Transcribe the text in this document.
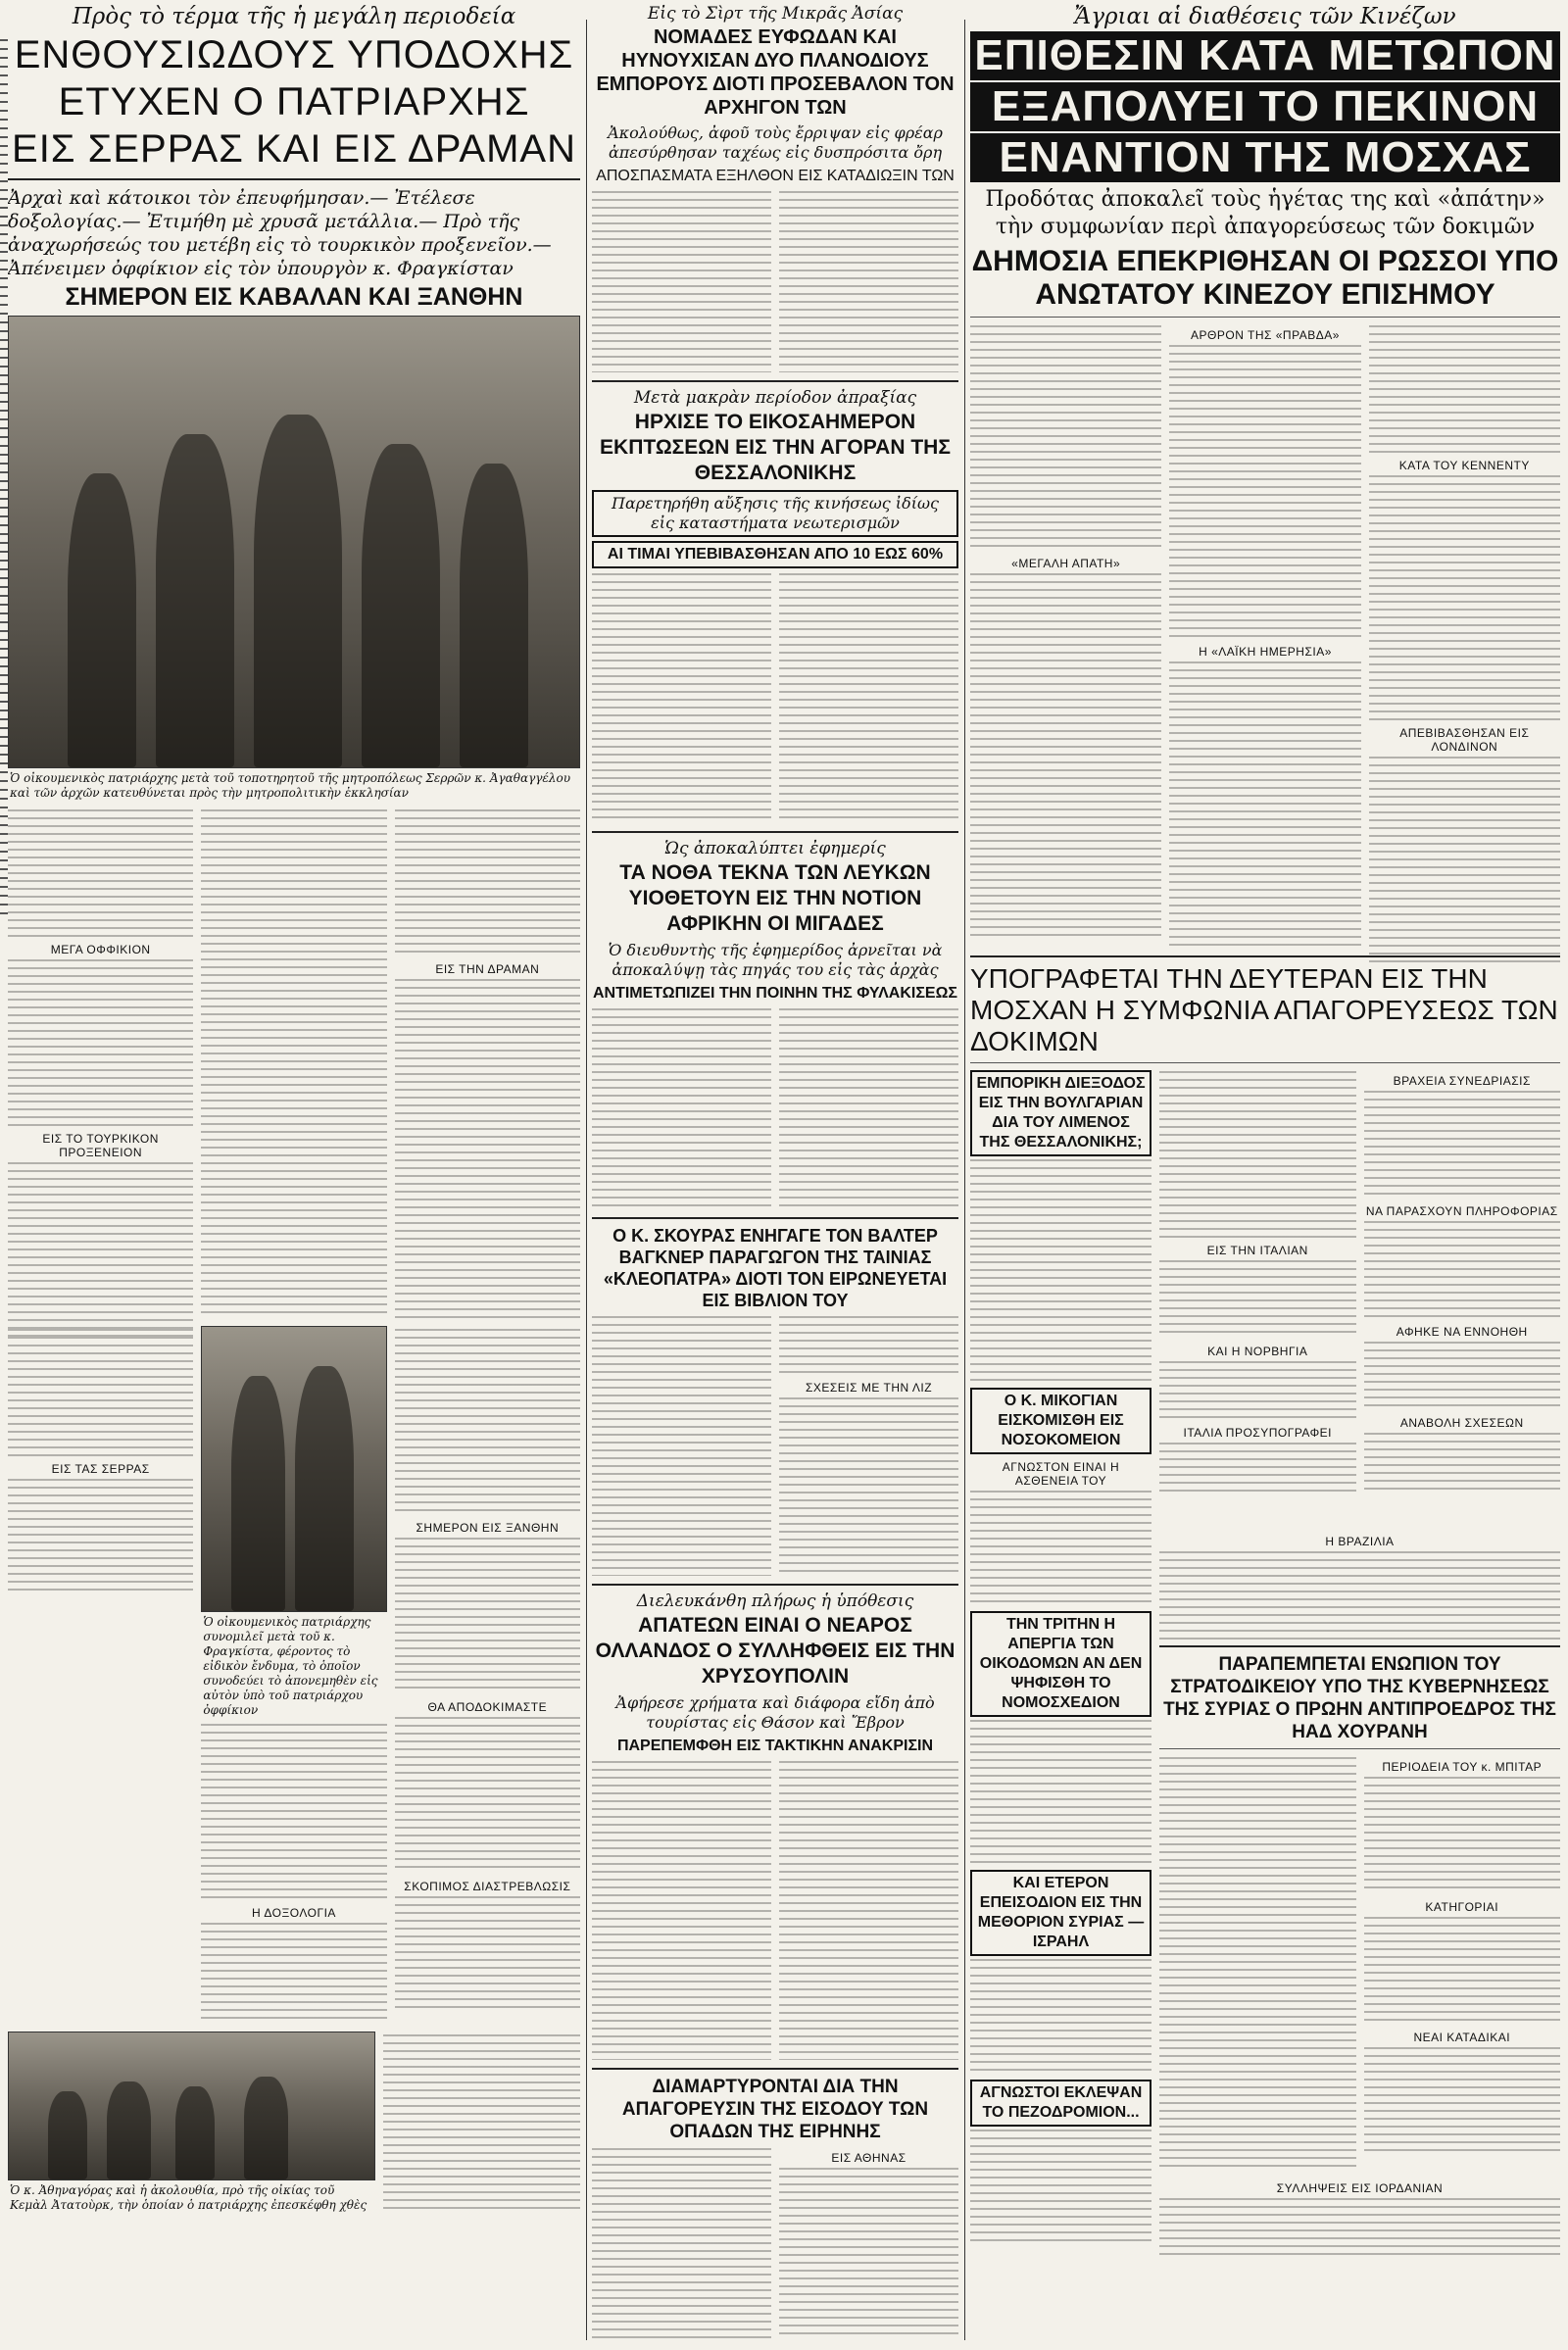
Πρὸς τὸ τέρμα τῆς ἡ μεγάλη περιοδεία
ΕΝΘΟΥΣΙΩΔΟΥΣ ΥΠΟΔΟΧΗΣ
ΕΤΥΧΕΝ Ο ΠΑΤΡΙΑΡΧΗΣ
ΕΙΣ ΣΕΡΡΑΣ ΚΑΙ ΕΙΣ ΔΡΑΜΑΝ
Ἀρχαὶ καὶ κάτοικοι τὸν ἐπευφήμησαν.— Ἐτέλεσε δοξολογίας.— Ἐτιμήθη μὲ χρυσᾶ μετάλλια.— Πρὸ τῆς ἀναχωρήσεώς του μετέβη εἰς τὸ τουρκικὸν προξενεῖον.— Ἀπένειμεν ὀφφίκιον εἰς τὸν ὑπουργὸν κ. Φραγκίσταν
ΣΗΜΕΡΟΝ ΕΙΣ ΚΑΒΑΛΑΝ ΚΑΙ ΞΑΝΘΗΝ
Ὁ οἰκουμενικὸς πατριάρχης μετὰ τοῦ τοποτηρητοῦ τῆς μητροπόλεως Σερρῶν κ. Ἀγαθαγγέλου καὶ τῶν ἀρχῶν κατευθύνεται πρὸς τὴν μητροπολιτικὴν ἐκκλησίαν
ΜΕΓΑ ΟΦΦΙΚΙΟΝ
ΕΙΣ ΤΟ ΤΟΥΡΚΙΚΟΝ ΠΡΟΞΕΝΕΙΟΝ
ΕΙΣ ΤΗΝ ΔΡΑΜΑΝ
ΕΙΣ ΤΑΣ ΣΕΡΡΑΣ
Ὁ οἰκουμενικὸς πατριάρχης συνομιλεῖ μετὰ τοῦ κ. Φραγκίστα, φέροντος τὸ εἰδικὸν ἔνδυμα, τὸ ὁποῖον συνοδεύει τὸ ἀπονεμηθὲν εἰς αὐτὸν ὑπὸ τοῦ πατριάρχου ὀφφίκιον
Η ΔΟΞΟΛΟΓΙΑ
ΣΗΜΕΡΟΝ ΕΙΣ ΞΑΝΘΗΝ
ΘΑ ΑΠΟΔΟΚΙΜΑΣΤΕ
ΣΚΟΠΙΜΟΣ ΔΙΑΣΤΡΕΒΛΩΣΙΣ
Ὁ κ. Ἀθηναγόρας καὶ ἡ ἀκολουθία, πρὸ τῆς οἰκίας τοῦ Κεμὰλ Ἀτατοὺρκ, τὴν ὁποίαν ὁ πατριάρχης ἐπεσκέφθη χθὲς
Εἰς τὸ Σὶρτ τῆς Μικρᾶς Ἀσίας
ΝΟΜΑΔΕΣ ΕΥΦΩΔΑΝ ΚΑΙ ΗΥΝΟΥΧΙΣΑΝ ΔΥΟ ΠΛΑΝΟΔΙΟΥΣ ΕΜΠΟΡΟΥΣ ΔΙΟΤΙ ΠΡΟΣΕΒΑΛΟΝ ΤΟΝ ΑΡΧΗΓΟΝ ΤΩΝ
Ἀκολούθως, ἀφοῦ τοὺς ἔρριψαν εἰς φρέαρ ἀπεσύρθησαν ταχέως εἰς δυσπρόσιτα ὄρη
ΑΠΟΣΠΑΣΜΑΤΑ ΕΞΗΛΘΟΝ ΕΙΣ ΚΑΤΑΔΙΩΞΙΝ ΤΩΝ
Μετὰ μακρὰν περίοδον ἀπραξίας
ΗΡΧΙΣΕ ΤΟ ΕΙΚΟΣΑΗΜΕΡΟΝ ΕΚΠΤΩΣΕΩΝ ΕΙΣ ΤΗΝ ΑΓΟΡΑΝ ΤΗΣ ΘΕΣΣΑΛΟΝΙΚΗΣ
Παρετηρήθη αὔξησις τῆς κινήσεως ἰδίως εἰς καταστήματα νεωτερισμῶν
ΑΙ ΤΙΜΑΙ ΥΠΕΒΙΒΑΣΘΗΣΑΝ ΑΠΟ 10 ΕΩΣ 60%
Ὡς ἀποκαλύπτει ἐφημερίς
ΤΑ ΝΟΘΑ ΤΕΚΝΑ ΤΩΝ ΛΕΥΚΩΝ ΥΙΟΘΕΤΟΥΝ ΕΙΣ ΤΗΝ ΝΟΤΙΟΝ ΑΦΡΙΚΗΝ ΟΙ ΜΙΓΑΔΕΣ
Ὁ διευθυντὴς τῆς ἐφημερίδος ἀρνεῖται νὰ ἀποκαλύψῃ τὰς πηγάς του εἰς τὰς ἀρχὰς
ΑΝΤΙΜΕΤΩΠΙΖΕΙ ΤΗΝ ΠΟΙΝΗΝ ΤΗΣ ΦΥΛΑΚΙΣΕΩΣ
Ο Κ. ΣΚΟΥΡΑΣ ΕΝΗΓΑΓΕ ΤΟΝ ΒΑΛΤΕΡ ΒΑΓΚΝΕΡ ΠΑΡΑΓΩΓΟΝ ΤΗΣ ΤΑΙΝΙΑΣ «ΚΛΕΟΠΑΤΡΑ» ΔΙΟΤΙ ΤΟΝ ΕΙΡΩΝΕΥΕΤΑΙ ΕΙΣ ΒΙΒΛΙΟΝ ΤΟΥ
ΣΧΕΣΕΙΣ ΜΕ ΤΗΝ ΛΙΖ
Διελευκάνθη πλήρως ἡ ὑπόθεσις
ΑΠΑΤΕΩΝ ΕΙΝΑΙ Ο ΝΕΑΡΟΣ ΟΛΛΑΝΔΟΣ Ο ΣΥΛΛΗΦΘΕΙΣ ΕΙΣ ΤΗΝ ΧΡΥΣΟΥΠΟΛΙΝ
Ἀφήρεσε χρήματα καὶ διάφορα εἴδη ἀπὸ τουρίστας εἰς Θάσον καὶ Ἔβρον
ΠΑΡΕΠΕΜΦΘΗ ΕΙΣ ΤΑΚΤΙΚΗΝ ΑΝΑΚΡΙΣΙΝ
ΔΙΑΜΑΡΤΥΡΟΝΤΑΙ ΔΙΑ ΤΗΝ ΑΠΑΓΟΡΕΥΣΙΝ ΤΗΣ ΕΙΣΟΔΟΥ ΤΩΝ ΟΠΑΔΩΝ ΤΗΣ ΕΙΡΗΝΗΣ
ΕΙΣ ΑΘΗΝΑΣ
Ἄγριαι αἱ διαθέσεις τῶν Κινέζων
ΕΠΙΘΕΣΙΝ ΚΑΤΑ ΜΕΤΩΠΟΝ
ΕΞΑΠΟΛΥΕΙ ΤΟ ΠΕΚΙΝΟΝ
ΕΝΑΝΤΙΟΝ ΤΗΣ ΜΟΣΧΑΣ
Προδότας ἀποκαλεῖ τοὺς ἡγέτας της καὶ «ἀπάτην» τὴν συμφωνίαν περὶ ἀπαγορεύσεως τῶν δοκιμῶν
ΔΗΜΟΣΙΑ ΕΠΕΚΡΙΘΗΣΑΝ ΟΙ ΡΩΣΣΟΙ ΥΠΟ ΑΝΩΤΑΤΟΥ ΚΙΝΕΖΟΥ ΕΠΙΣΗΜΟΥ
«ΜΕΓΑΛΗ ΑΠΑΤΗ»
ΑΡΘΡΟΝ ΤΗΣ «ΠΡΑΒΔΑ»
Η «ΛΑΪΚΗ ΗΜΕΡΗΣΙΑ»
ΚΑΤΑ ΤΟΥ ΚΕΝΝΕΝΤΥ
ΑΠΕΒΙΒΑΣΘΗΣΑΝ ΕΙΣ ΛΟΝΔΙΝΟΝ
ΥΠΟΓΡΑΦΕΤΑΙ ΤΗΝ ΔΕΥΤΕΡΑΝ ΕΙΣ ΤΗΝ ΜΟΣΧΑΝ Η ΣΥΜΦΩΝΙΑ ΑΠΑΓΟΡΕΥΣΕΩΣ ΤΩΝ ΔΟΚΙΜΩΝ
ΕΜΠΟΡΙΚΗ ΔΙΕΞΟΔΟΣ ΕΙΣ ΤΗΝ ΒΟΥΛΓΑΡΙΑΝ ΔΙΑ ΤΟΥ ΛΙΜΕΝΟΣ ΤΗΣ ΘΕΣΣΑΛΟΝΙΚΗΣ;
Ο Κ. ΜΙΚΟΓΙΑΝ ΕΙΣΚΟΜΙΣΘΗ ΕΙΣ ΝΟΣΟΚΟΜΕΙΟΝ
ΑΓΝΩΣΤΟΝ ΕΙΝΑΙ Η ΑΣΘΕΝΕΙΑ ΤΟΥ
ΤΗΝ ΤΡΙΤΗΝ Η ΑΠΕΡΓΙΑ ΤΩΝ ΟΙΚΟΔΟΜΩΝ ΑΝ ΔΕΝ ΨΗΦΙΣΘΗ ΤΟ ΝΟΜΟΣΧΕΔΙΟΝ
ΚΑΙ ΕΤΕΡΟΝ ΕΠΕΙΣΟΔΙΟΝ ΕΙΣ ΤΗΝ ΜΕΘΟΡΙΟΝ ΣΥΡΙΑΣ — ΙΣΡΑΗΛ
ΑΓΝΩΣΤΟΙ ΕΚΛΕΨΑΝ ΤΟ ΠΕΖΟΔΡΟΜΙΟΝ...
ΕΙΣ ΤΗΝ ΙΤΑΛΙΑΝ
ΚΑΙ Η ΝΟΡΒΗΓΙΑ
ΙΤΑΛΙΑ ΠΡΟΣΥΠΟΓΡΑΦΕΙ
ΒΡΑΧΕΙΑ ΣΥΝΕΔΡΙΑΣΙΣ
ΝΑ ΠΑΡΑΣΧΟΥΝ ΠΛΗΡΟΦΟΡΙΑΣ
ΑΦΗΚΕ ΝΑ ΕΝΝΟΗΘΗ
ΑΝΑΒΟΛΗ ΣΧΕΣΕΩΝ
Η ΒΡΑΖΙΛΙΑ
ΠΑΡΑΠΕΜΠΕΤΑΙ ΕΝΩΠΙΟΝ ΤΟΥ ΣΤΡΑΤΟΔΙΚΕΙΟΥ ΥΠΟ ΤΗΣ ΚΥΒΕΡΝΗΣΕΩΣ ΤΗΣ ΣΥΡΙΑΣ Ο ΠΡΩΗΝ ΑΝΤΙΠΡΟΕΔΡΟΣ ΤΗΣ ΗΑΔ ΧΟΥΡΑΝΗ
ΠΕΡΙΟΔΕΙΑ ΤΟΥ κ. ΜΠΙΤΑΡ
ΚΑΤΗΓΟΡΙΑΙ
ΝΕΑΙ ΚΑΤΑΔΙΚΑΙ
ΣΥΛΛΗΨΕΙΣ ΕΙΣ ΙΟΡΔΑΝΙΑΝ
